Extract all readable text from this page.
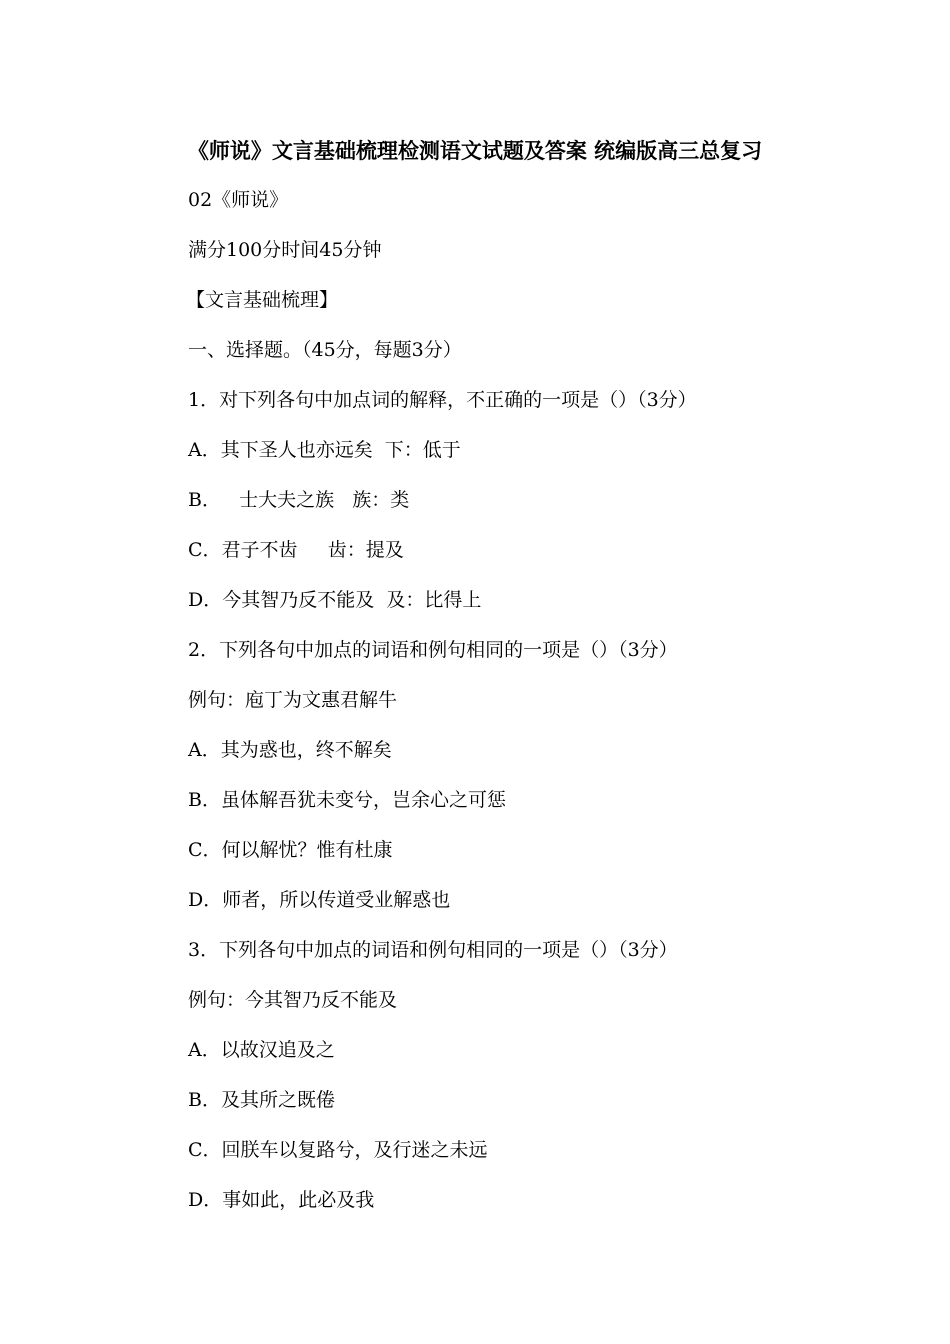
《师说》文言基础梳理检测语文试题及答案 统编版高三总复习
02《师说》
满分100分时间45分钟
【文言基础梳理】
一、选择题。（45分，每题3分）
1．对下列各句中加点词的解释，不正确的一项是（）（3分）
A．其下圣人也亦远矣  下：低于
B．   士大夫之族   族：类
C．君子不齿     齿：提及
D．今其智乃反不能及  及：比得上
2．下列各句中加点的词语和例句相同的一项是（）（3分）
例句：庖丁为文惠君解牛
A．其为惑也，终不解矣
B．虽体解吾犹未变兮，岂余心之可惩
C．何以解忧？惟有杜康
D．师者，所以传道受业解惑也
3．下列各句中加点的词语和例句相同的一项是（）（3分）
例句：今其智乃反不能及
A．以故汉追及之
B．及其所之既倦
C．回朕车以复路兮，及行迷之未远
D．事如此，此必及我
